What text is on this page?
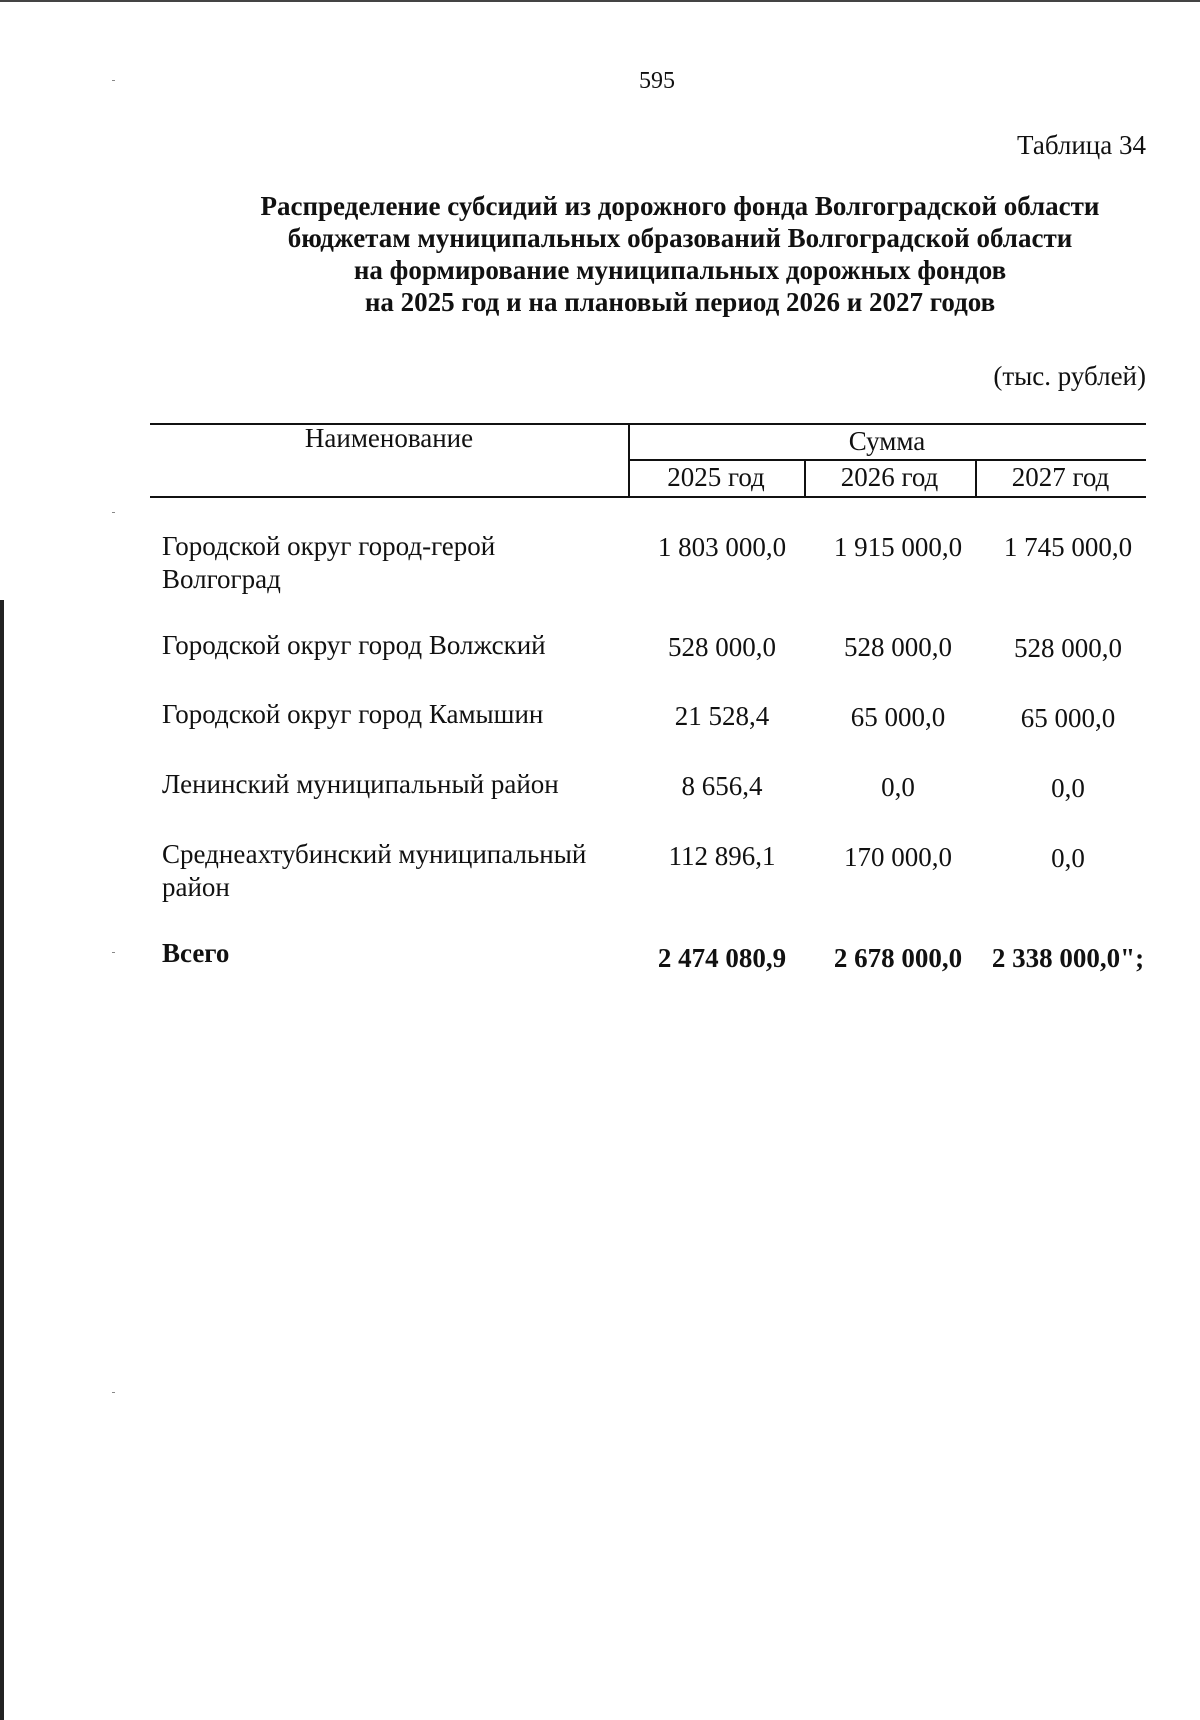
595
Таблица 34
Распределение субсидий из дорожного фонда Волгоградской области
бюджетам муниципальных образований Волгоградской области
на формирование муниципальных дорожных фондов
на 2025 год и на плановый период 2026 и 2027 годов
(тыс. рублей)
Наименование	Сумма
2025 год	2026 год	2027 год
Городской округ город-герой
Волгоград
1 803 000,0	1 915 000,0	1 745 000,0
Городской округ город Волжский	528 000,0	528 000,0	528 000,0
Городской округ город Камышин	21 528,4	65 000,0	65 000,0
Ленинский муниципальный район	8 656,4	0,0	0,0
Среднеахтубинский муниципальный
район
112 896,1	170 000,0	0,0
Всего	2 474 080,9	2 678 000,0	2 338 000,0";
